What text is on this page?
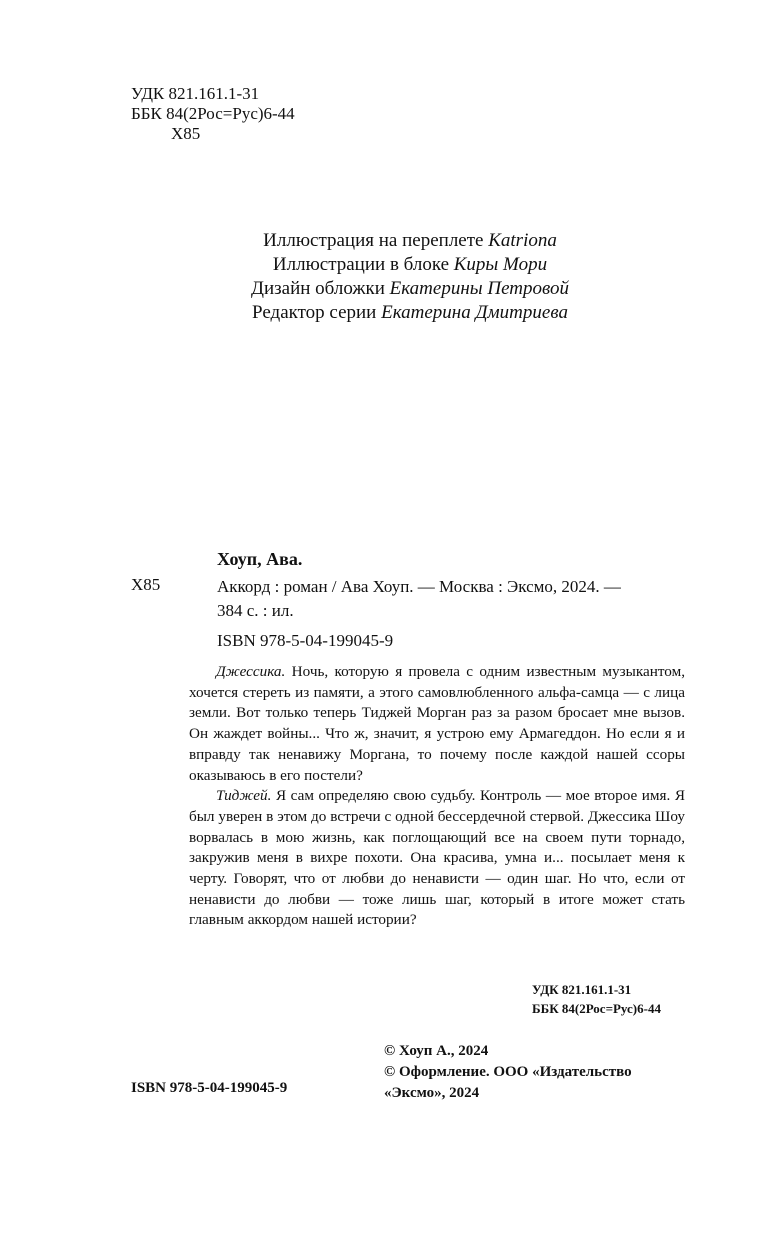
УДК 821.161.1-31
ББК 84(2Рос=Рус)6-44
Х85
Иллюстрация на переплете Katriona
Иллюстрации в блоке Киры Мори
Дизайн обложки Екатерины Петровой
Редактор серии Екатерина Дмитриева
Хоуп, Ава.
Х85	Аккорд : роман / Ава Хоуп. — Москва : Эксмо, 2024. —
384 с. : ил.
ISBN 978-5-04-199045-9

Джессика. Ночь, которую я провела с одним известным музыкантом, хочется стереть из памяти, а этого самовлюбленного альфа-самца — с лица земли. Вот только теперь Тиджей Морган раз за разом бросает мне вызов. Он жаждет войны... Что ж, значит, я устрою ему Армагеддон. Но если я и вправду так ненавижу Моргана, то почему после каждой нашей ссоры оказываюсь в его постели?

Тиджей. Я сам определяю свою судьбу. Контроль — мое второе имя. Я был уверен в этом до встречи с одной бессердечной стервой. Джессика Шоу ворвалась в мою жизнь, как поглощающий все на своем пути торнадо, закружив меня в вихре похоти. Она красива, умна и... посылает меня к черту. Говорят, что от любви до ненависти — один шаг. Но что, если от ненависти до любви — тоже лишь шаг, который в итоге может стать главным аккордом нашей истории?

УДК 821.161.1-31
ББК 84(2Рос=Рус)6-44
© Хоуп А., 2024
© Оформление. ООО «Издательство
«Эксмо», 2024
ISBN 978-5-04-199045-9
